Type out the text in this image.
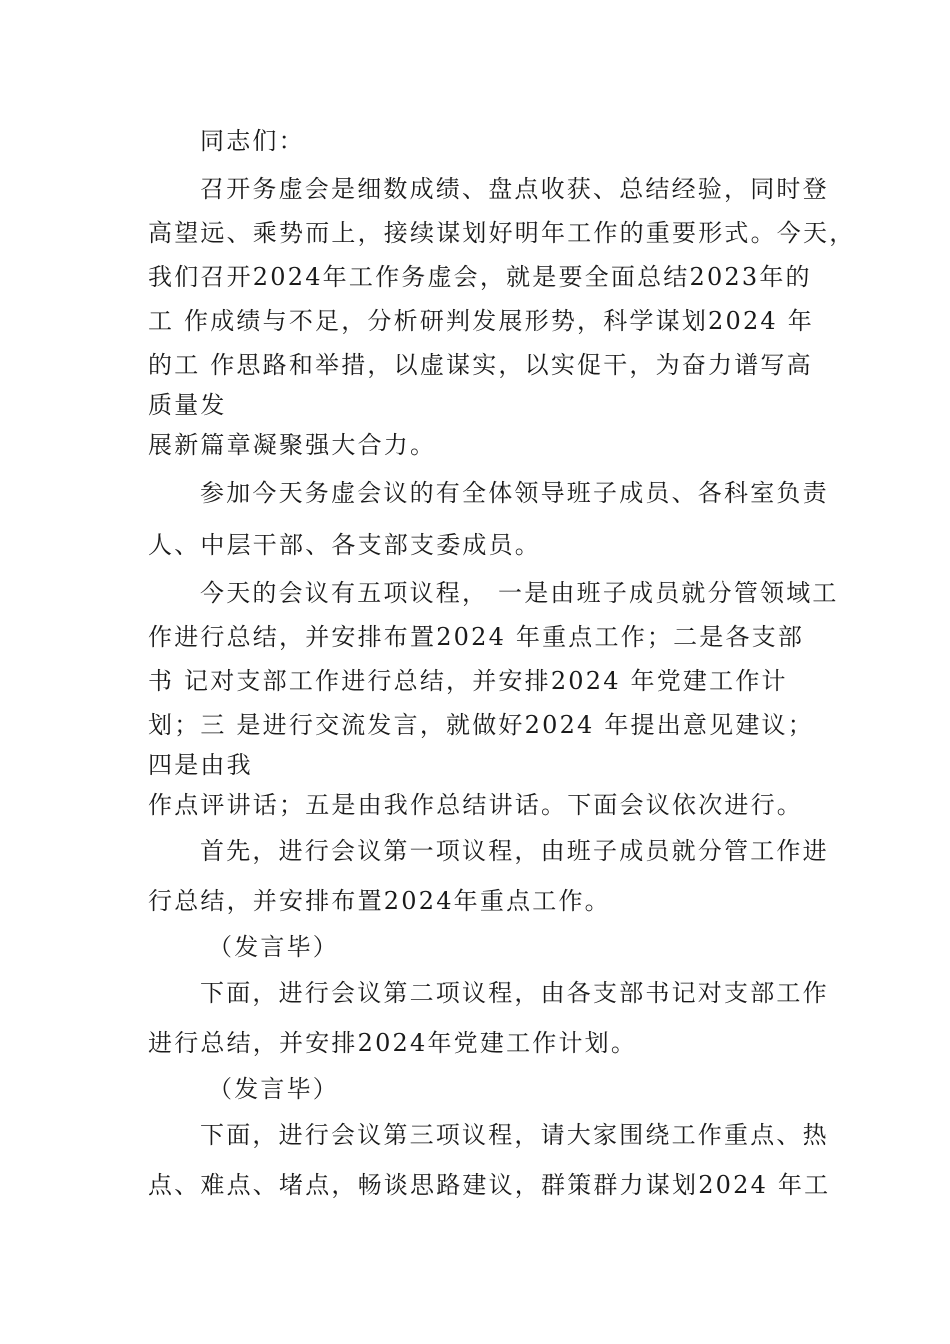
同志们：
召开务虚会是细数成绩、盘点收获、总结经验，同时登
高望远、乘势而上，接续谋划好明年工作的重要形式。今天，
我们召开2024年工作务虚会，就是要全面总结2023年的
工 作成绩与不足，分析研判发展形势，科学谋划2024 年
的工 作思路和举措，以虚谋实，以实促干，为奋力谱写高
质量发
展新篇章凝聚强大合力。
参加今天务虚会议的有全体领导班子成员、各科室负责
人、中层干部、各支部支委成员。
今天的会议有五项议程， 一是由班子成员就分管领域工
作进行总结，并安排布置2024 年重点工作；二是各支部
书 记对支部工作进行总结，并安排2024 年党建工作计
划；三 是进行交流发言，就做好2024 年提出意见建议；
四是由我
作点评讲话；五是由我作总结讲话。下面会议依次进行。
首先，进行会议第一项议程，由班子成员就分管工作进
行总结，并安排布置2024年重点工作。
（发言毕）
下面，进行会议第二项议程，由各支部书记对支部工作
进行总结，并安排2024年党建工作计划。
（发言毕）
下面，进行会议第三项议程，请大家围绕工作重点、热
点、难点、堵点，畅谈思路建议，群策群力谋划2024 年工
